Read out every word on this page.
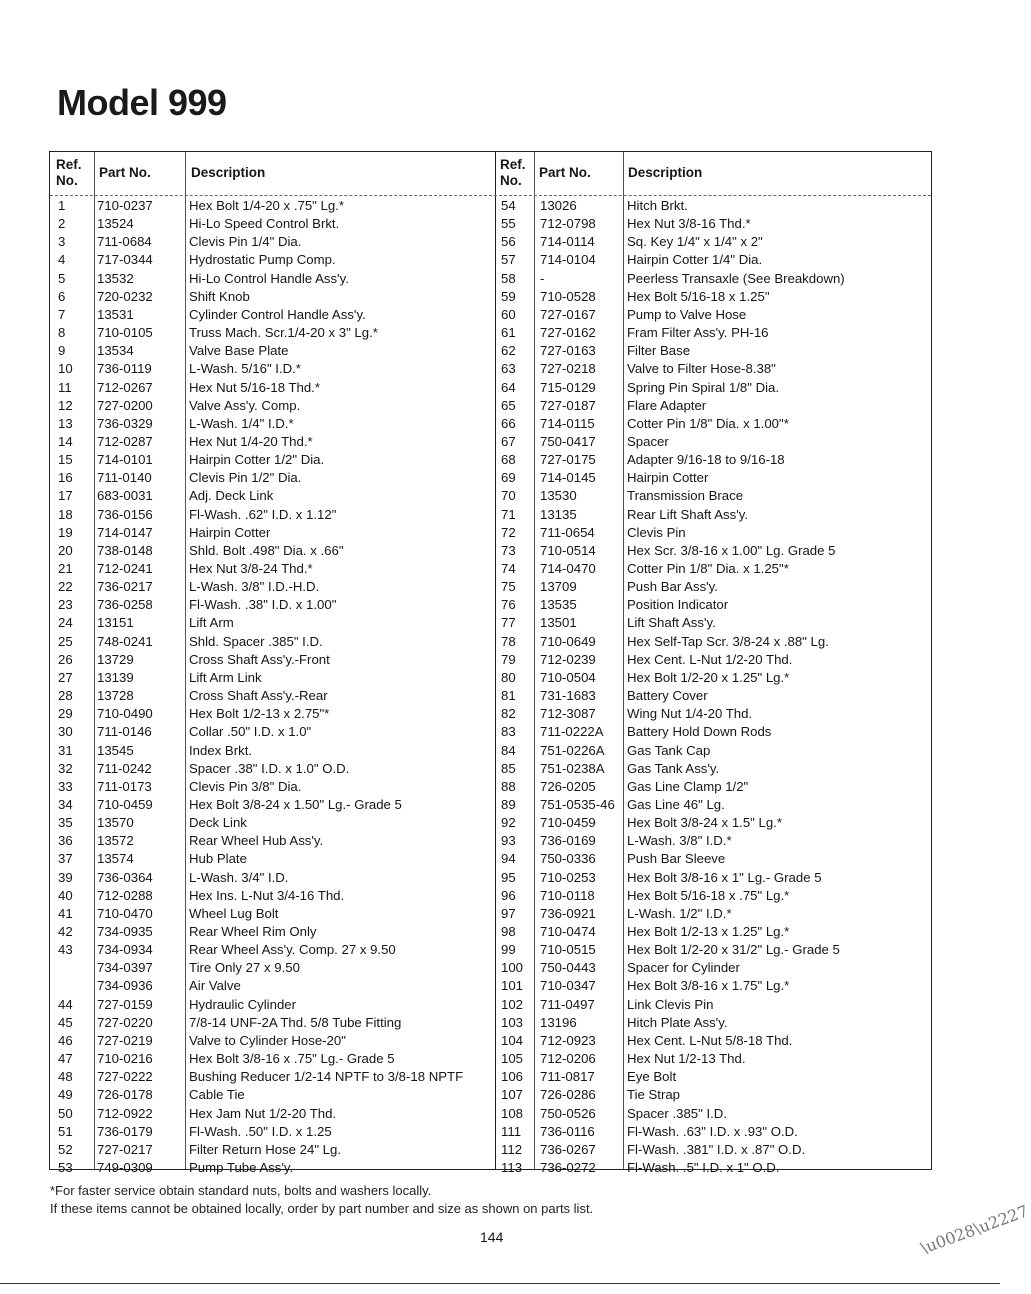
Model 999
Ref. No.
Part No.	Description
Ref. No.
Part No.	Description
1 710-0237	Hex Bolt 1/4-20 x .75" Lg.*
2 13524	Hi-Lo Speed Control Brkt.
3 711-0684	Clevis Pin 1/4" Dia.
4 717-0344	Hydrostatic Pump Comp.
5 13532	Hi-Lo Control Handle Ass'y.
6 720-0232	Shift Knob
7 13531	Cylinder Control Handle Ass'y.
8 710-0105	Truss Mach. Scr.1/4-20 x 3" Lg.*
9 13534	Valve Base Plate
10 736-0119	L-Wash. 5/16" I.D.*
11 712-0267	Hex Nut 5/16-18 Thd.*
12 727-0200	Valve Ass'y. Comp.
13 736-0329	L-Wash. 1/4" I.D.*
14 712-0287	Hex Nut 1/4-20 Thd.*
15 714-0101	Hairpin Cotter 1/2" Dia.
16 711-0140	Clevis Pin 1/2" Dia.
17 683-0031	Adj. Deck Link
18 736-0156	Fl-Wash. .62" I.D. x 1.12"
19 714-0147	Hairpin Cotter
20 738-0148	Shld. Bolt .498" Dia. x .66"
21 712-0241	Hex Nut 3/8-24 Thd.*
22 736-0217	L-Wash. 3/8" I.D.-H.D.
23 736-0258	Fl-Wash. .38" I.D. x 1.00"
24 13151	Lift Arm
25 748-0241	Shld. Spacer .385" I.D.
26 13729	Cross Shaft Ass'y.-Front
27 13139	Lift Arm Link
28 13728	Cross Shaft Ass'y.-Rear
29 710-0490	Hex Bolt 1/2-13 x 2.75"*
30 711-0146	Collar .50" I.D. x 1.0"
31 13545	Index Brkt.
32 711-0242	Spacer .38" I.D. x 1.0" O.D.
33 711-0173	Clevis Pin 3/8" Dia.
34 710-0459	Hex Bolt 3/8-24 x 1.50" Lg.- Grade 5
35 13570	Deck Link
36 13572	Rear Wheel Hub Ass'y.
37 13574	Hub Plate
39 736-0364	L-Wash. 3/4" I.D.
40 712-0288	Hex Ins. L-Nut 3/4-16 Thd.
41 710-0470	Wheel Lug Bolt
42 734-0935	Rear Wheel Rim Only
43 734-0934	Rear Wheel Ass'y. Comp. 27 x 9.50
734-0397	Tire Only 27 x 9.50
734-0936	Air Valve
44 727-0159	Hydraulic Cylinder
45 727-0220	7/8-14 UNF-2A Thd. 5/8 Tube Fitting
46 727-0219	Valve to Cylinder Hose-20"
47 710-0216	Hex Bolt 3/8-16 x .75" Lg.- Grade 5
48 727-0222	Bushing Reducer 1/2-14 NPTF to 3/8-18 NPTF
49 726-0178	Cable Tie
50 712-0922	Hex Jam Nut 1/2-20 Thd.
51 736-0179	Fl-Wash. .50" I.D. x 1.25
52 727-0217	Filter Return Hose 24" Lg.
53 749-0309	Pump Tube Ass'y.
54 13026	Hitch Brkt.
55 712-0798 Hex Nut 3/8-16 Thd.*
56 714-0114 Sq. Key 1/4" x 1/4" x 2"
57 714-0104 Hairpin Cotter 1/4" Dia.
58 -	Peerless Transaxle (See Breakdown)
59 710-0528 Hex Bolt 5/16-18 x 1.25"
60 727-0167 Pump to Valve Hose
61 727-0162 Fram Filter Ass'y. PH-16
62 727-0163 Filter Base
63 727-0218 Valve to Filter Hose-8.38"
64 715-0129 Spring Pin Spiral 1/8" Dia.
65 727-0187 Flare Adapter
66 714-0115 Cotter Pin 1/8" Dia. x 1.00"*
67 750-0417 Spacer
68 727-0175 Adapter 9/16-18 to 9/16-18
69 714-0145 Hairpin Cotter
70 13530	Transmission Brace
71 13135	Rear Lift Shaft Ass'y.
72 711-0654 Clevis Pin
73 710-0514 Hex Scr. 3/8-16 x 1.00" Lg. Grade 5
74 714-0470 Cotter Pin 1/8" Dia. x 1.25"*
75 13709	Push Bar Ass'y.
76 13535	Position Indicator
77 13501	Lift Shaft Ass'y.
78 710-0649 Hex Self-Tap Scr. 3/8-24 x .88" Lg.
79 712-0239 Hex Cent. L-Nut 1/2-20 Thd.
80 710-0504 Hex Bolt 1/2-20 x 1.25" Lg.*
81 731-1683 Battery Cover
82 712-3087 Wing Nut 1/4-20 Thd.
83 711-0222A Battery Hold Down Rods
84 751-0226A Gas Tank Cap
85 751-0238A Gas Tank Ass'y.
88 726-0205 Gas Line Clamp 1/2"
89 751-0535-46 Gas Line 46" Lg.
92 710-0459 Hex Bolt 3/8-24 x 1.5" Lg.*
93 736-0169 L-Wash. 3/8" I.D.*
94 750-0336 Push Bar Sleeve
95 710-0253 Hex Bolt 3/8-16 x 1" Lg.- Grade 5
96 710-0118 Hex Bolt 5/16-18 x .75" Lg.*
97 736-0921 L-Wash. 1/2" I.D.*
98 710-0474 Hex Bolt 1/2-13 x 1.25" Lg.*
99 710-0515 Hex Bolt 1/2-20 x 31/2" Lg.- Grade 5
100 750-0443 Spacer for Cylinder
101 710-0347 Hex Bolt 3/8-16 x 1.75" Lg.*
102 711-0497 Link Clevis Pin
103 13196	Hitch Plate Ass'y.
104 712-0923 Hex Cent. L-Nut 5/8-18 Thd.
105 712-0206 Hex Nut 1/2-13 Thd.
106 711-0817 Eye Bolt
107 726-0286 Tie Strap
108 750-0526 Spacer .385" I.D.
111 736-0116 Fl-Wash. .63" I.D. x .93" O.D.
112 736-0267 Fl-Wash. .381" I.D. x .87" O.D.
113 736-0272 Fl-Wash. .5" I.D. x 1" O.D.
*For faster service obtain standard nuts, bolts and washers locally.
If these items cannot be obtained locally, order by part number and size as shown on parts list.
144	\u0028\u2227
